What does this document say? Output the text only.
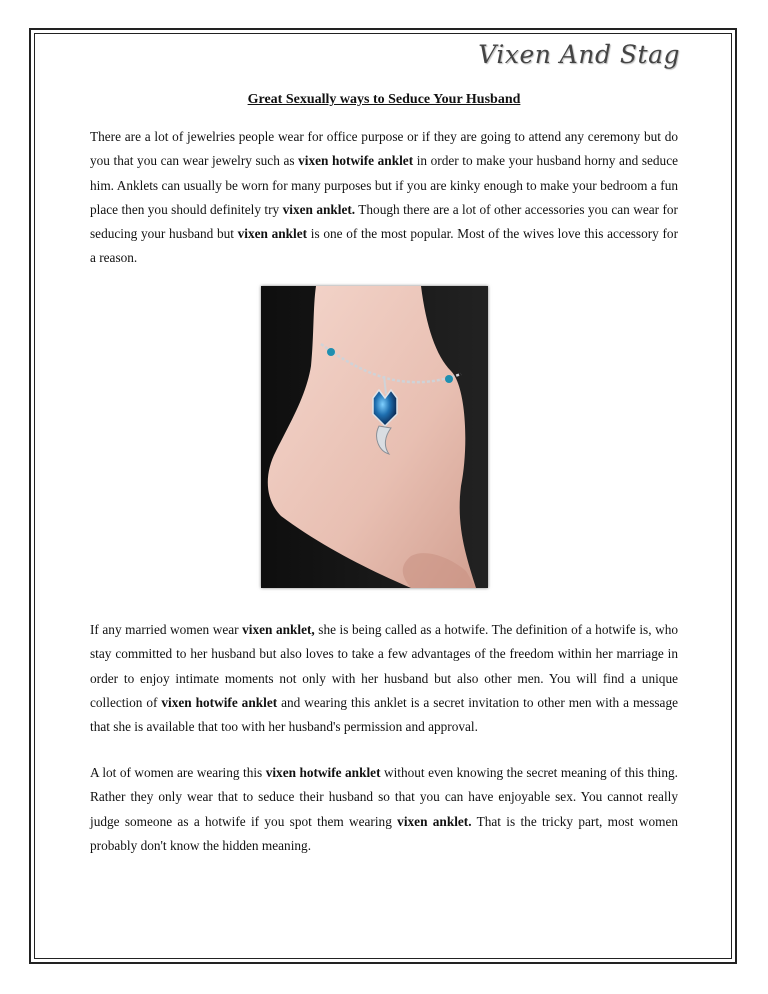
Vixen And Stag
Great Sexually ways to Seduce Your Husband

There are a lot of jewelries people wear for office purpose or if they are going to attend any ceremony but do you that you can wear jewelry such as vixen hotwife anklet in order to make your husband horny and seduce him. Anklets can usually be worn for many purposes but if you are kinky enough to make your bedroom a fun place then you should definitely try vixen anklet. Though there are a lot of other accessories you can wear for seducing your husband but vixen anklet is one of the most popular. Most of the wives love this accessory for a reason.

If any married women wear vixen anklet, she is being called as a hotwife. The definition of a hotwife is, who stay committed to her husband but also loves to take a few advantages of the freedom within her marriage in order to enjoy intimate moments not only with her husband but also other men. You will find a unique collection of vixen hotwife anklet and wearing this anklet is a secret invitation to other men with a message that she is available that too with her husband's permission and approval.

A lot of women are wearing this vixen hotwife anklet without even knowing the secret meaning of this thing. Rather they only wear that to seduce their husband so that you can have enjoyable sex. You cannot really judge someone as a hotwife if you spot them wearing vixen anklet. That is the tricky part, most women probably don't know the hidden meaning.
